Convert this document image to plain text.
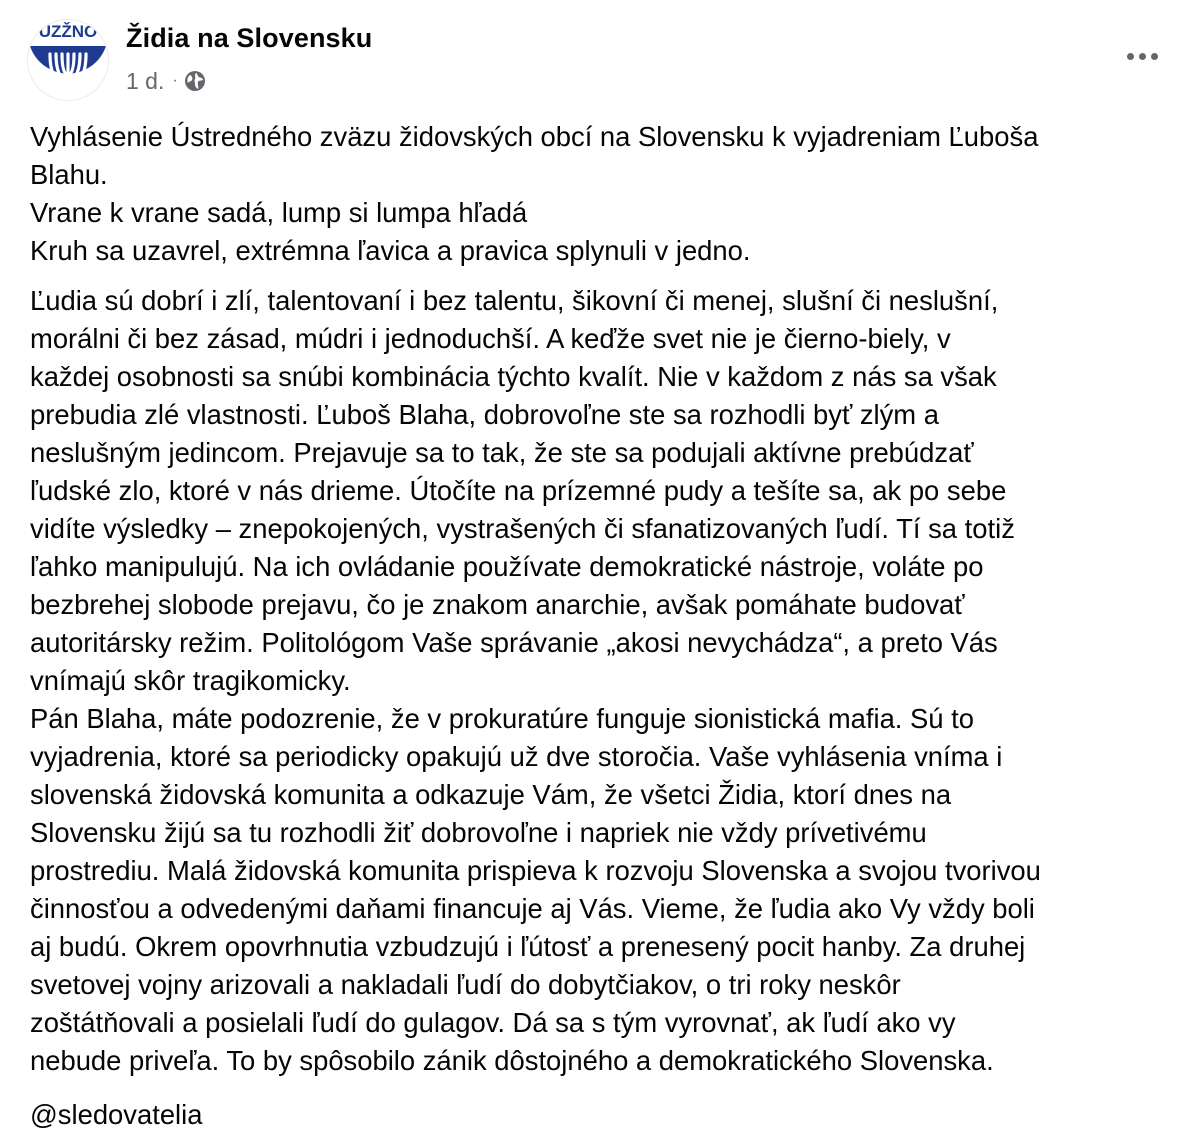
ÚZŽNO Židia na Slovensku
1 d. ·

Vyhlásenie Ústredného zväzu židovských obcí na Slovensku k vyjadreniam Ľuboša
Blahu.
Vrane k vrane sadá, lump si lumpa hľadá
Kruh sa uzavrel, extrémna ľavica a pravica splynuli v jedno.

Ľudia sú dobrí i zlí, talentovaní i bez talentu, šikovní či menej, slušní či neslušní,
morálni či bez zásad, múdri i jednoduchší. A keďže svet nie je čierno-biely, v
každej osobnosti sa snúbi kombinácia týchto kvalít. Nie v každom z nás sa však
prebudia zlé vlastnosti. Ľuboš Blaha, dobrovoľne ste sa rozhodli byť zlým a
neslušným jedincom. Prejavuje sa to tak, že ste sa podujali aktívne prebúdzať
ľudské zlo, ktoré v nás drieme. Útočíte na prízemné pudy a tešíte sa, ak po sebe
vidíte výsledky – znepokojených, vystrašených či sfanatizovaných ľudí. Tí sa totiž
ľahko manipulujú. Na ich ovládanie používate demokratické nástroje, voláte po
bezbrehej slobode prejavu, čo je znakom anarchie, avšak pomáhate budovať
autoritársky režim. Politológom Vaše správanie „akosi nevychádza“, a preto Vás
vnímajú skôr tragikomicky.

Pán Blaha, máte podozrenie, že v prokuratúre funguje sionistická mafia. Sú to
vyjadrenia, ktoré sa periodicky opakujú už dve storočia. Vaše vyhlásenia vníma i
slovenská židovská komunita a odkazuje Vám, že všetci Židia, ktorí dnes na
Slovensku žijú sa tu rozhodli žiť dobrovoľne i napriek nie vždy prívetivému
prostrediu. Malá židovská komunita prispieva k rozvoju Slovenska a svojou tvorivou
činnosťou a odvedenými daňami financuje aj Vás. Vieme, že ľudia ako Vy vždy boli
aj budú. Okrem opovrhnutia vzbudzujú i ľútosť a prenesený pocit hanby. Za druhej
svetovej vojny arizovali a nakladali ľudí do dobytčiakov, o tri roky neskôr
zoštátňovali a posielali ľudí do gulagov. Dá sa s tým vyrovnať, ak ľudí ako vy
nebude priveľa. To by spôsobilo zánik dôstojného a demokratického Slovenska.

@sledovatelia
